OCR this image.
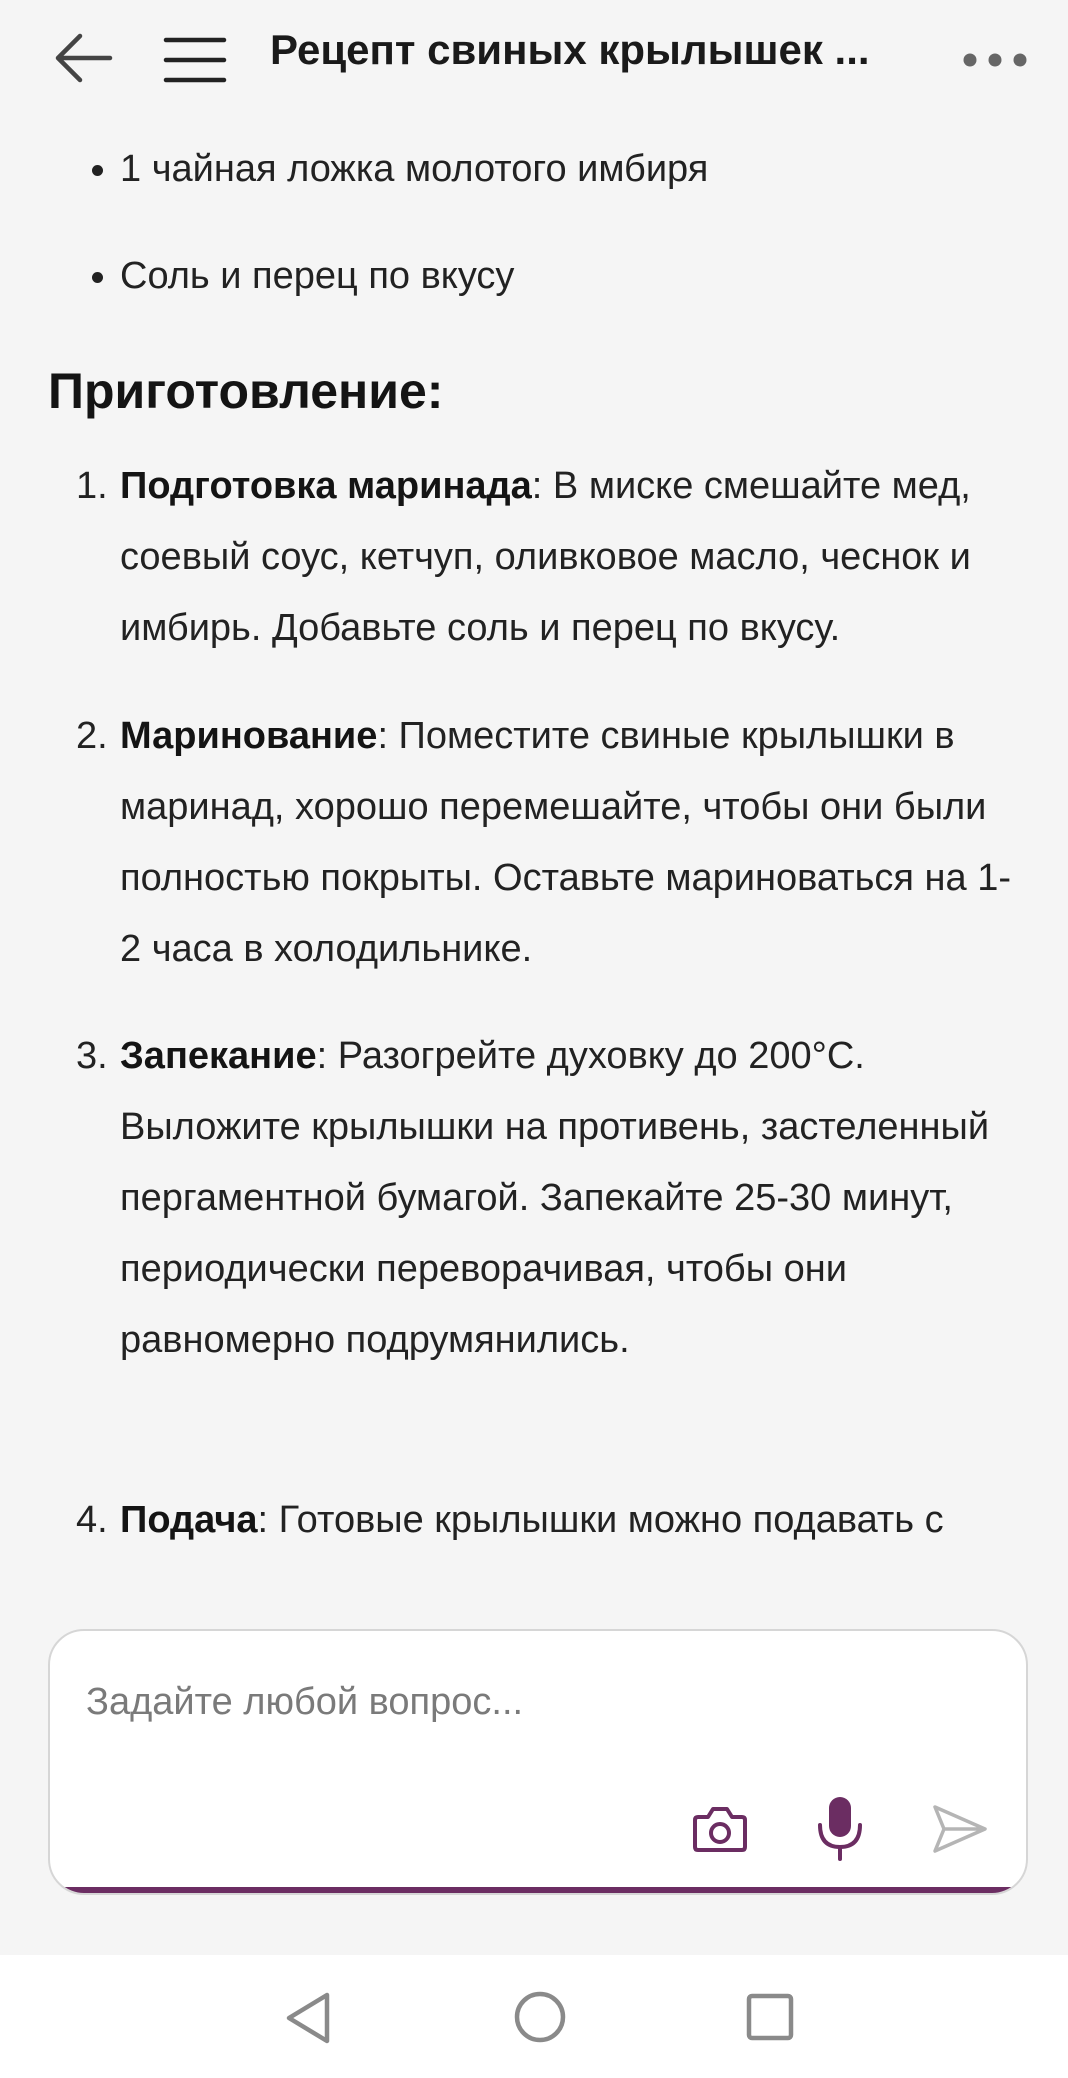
Рецепт свиных крылышек ...
1 чайная ложка молотого имбиря
Соль и перец по вкусу
Приготовление:
1. Подготовка маринада: В миске смешайте мед, соевый соус, кетчуп, оливковое масло, чеснок и имбирь. Добавьте соль и перец по вкусу.
2. Маринование: Поместите свиные крылышки в маринад, хорошо перемешайте, чтобы они были полностью покрыты. Оставьте мариноваться на 1-2 часа в холодильнике.
3. Запекание: Разогрейте духовку до 200°C. Выложите крылышки на противень, застеленный пергаментной бумагой. Запекайте 25-30 минут, периодически переворачивая, чтобы они равномерно подрумянились.
4. Подача: Готовые крылышки можно подавать с
Задайте любой вопрос...
